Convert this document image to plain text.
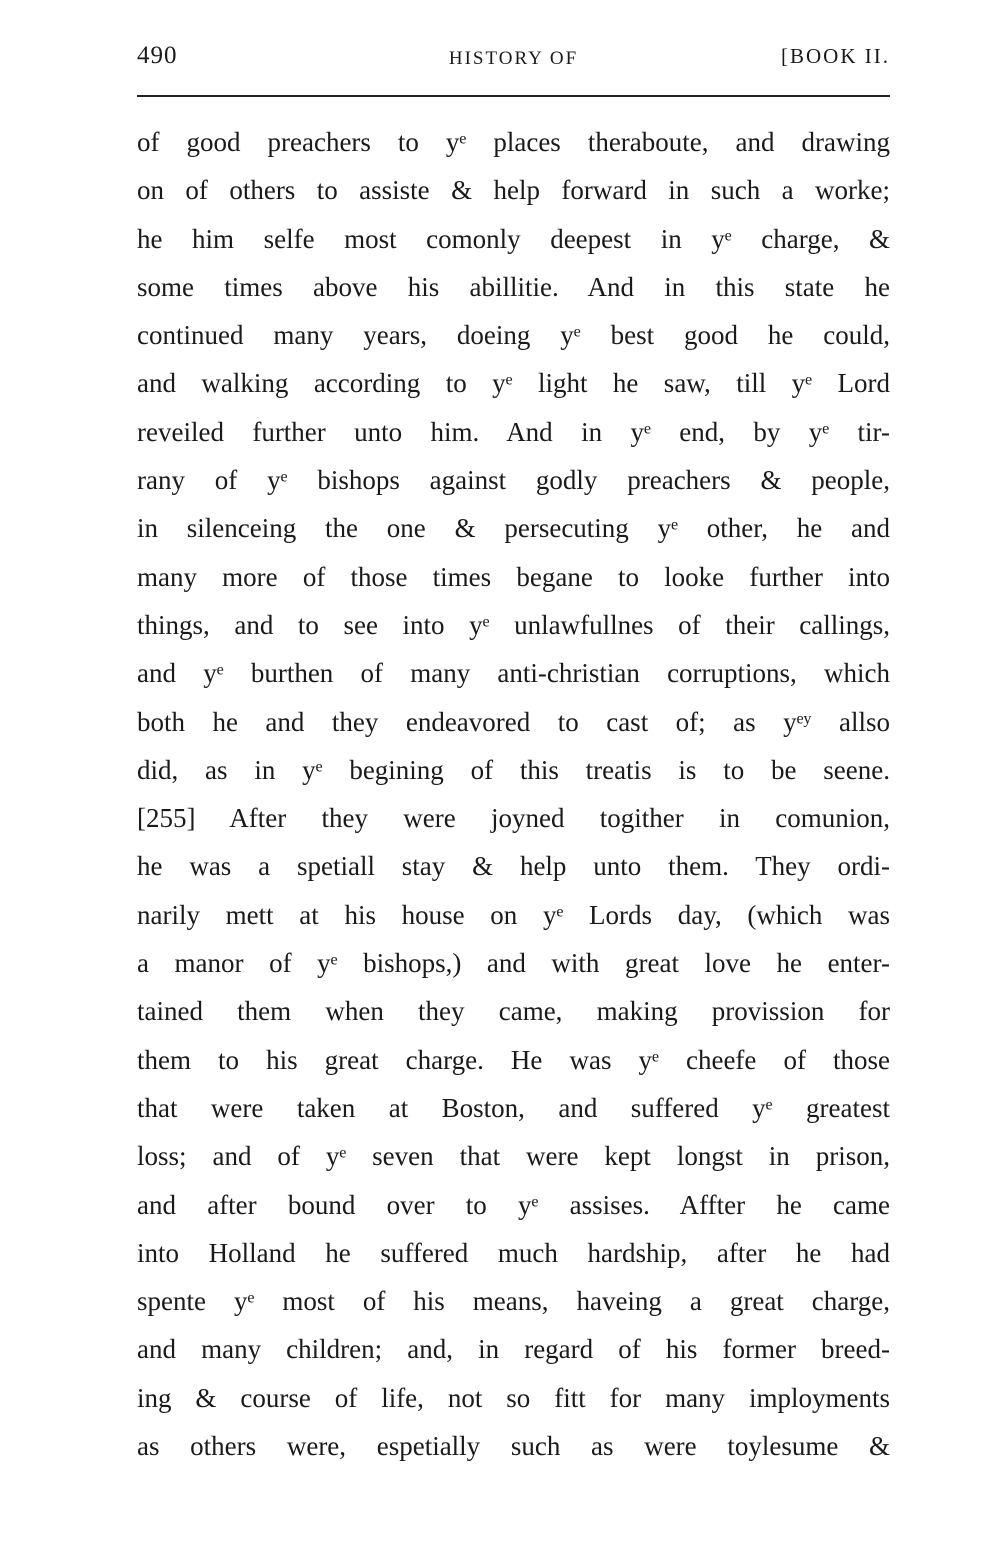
490	HISTORY OF	[BOOK II.
of good preachers to yᵉ places theraboute, and drawing
on of others to assiste & help forward in such a worke;
he him selfe most comonly deepest in yᵉ charge, &
some times above his abillitie. And in this state he
continued many years, doeing yᵉ best good he could,
and walking according to yᵉ light he saw, till yᵉ Lord
reveiled further unto him. And in yᵉ end, by yᵉ tir-
rany of yᵉ bishops against godly preachers & people,
in silenceing the one & persecuting yᵉ other, he and
many more of those times begane to looke further into
things, and to see into yᵉ unlawfullnes of their callings,
and yᵉ burthen of many anti-christian corruptions, which
both he and they endeavored to cast of; as yᵉʸ allso
did, as in yᵉ begining of this treatis is to be seene.
[255] After they were joyned togither in comunion,
he was a spetiall stay & help unto them. They ordi-
narily mett at his house on yᵉ Lords day, (which was
a manor of yᵉ bishops,) and with great love he enter-
tained them when they came, making provission for
them to his great charge. He was yᵉ cheefe of those
that were taken at Boston, and suffered yᵉ greatest
loss; and of yᵉ seven that were kept longst in prison,
and after bound over to yᵉ assises. Affter he came
into Holland he suffered much hardship, after he had
spente yᵉ most of his means, haveing a great charge,
and many children; and, in regard of his former breed-
ing & course of life, not so fitt for many imployments
as others were, espetially such as were toylesume &
